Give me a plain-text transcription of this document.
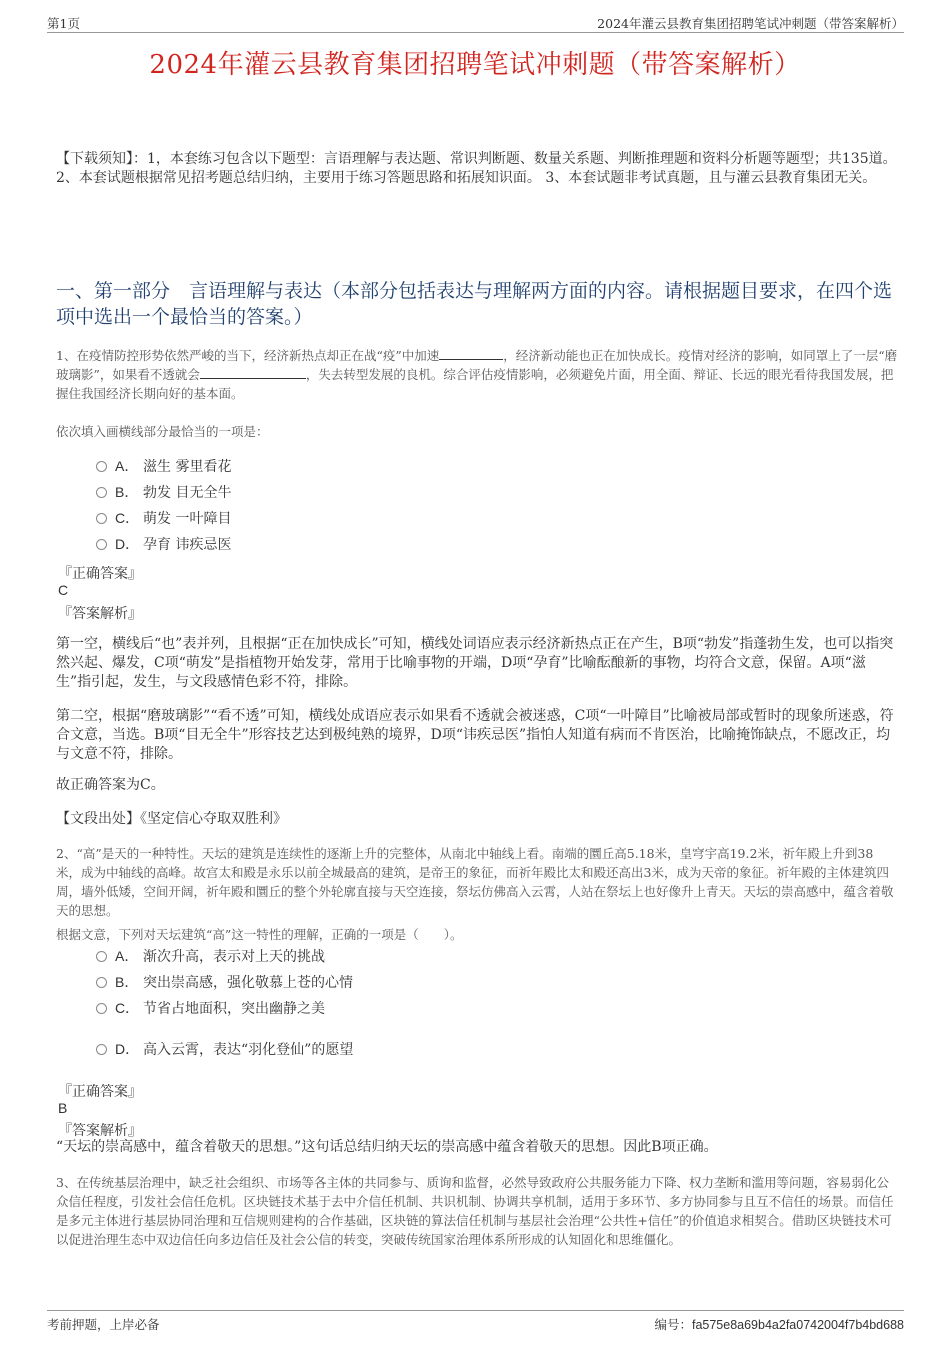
第1页	2024年灌云县教育集团招聘笔试冲刺题（带答案解析）
2024年灌云县教育集团招聘笔试冲刺题（带答案解析）
【下载须知】：1，本套练习包含以下题型：言语理解与表达题、常识判断题、数量关系题、判断推理题和资料分析题等题型；共135道。 2、本套试题根据常见招考题总结归纳，主要用于练习答题思路和拓展知识面。 3、本套试题非考试真题，且与灌云县教育集团无关。
一、第一部分　言语理解与表达（本部分包括表达与理解两方面的内容。请根据题目要求，在四个选项中选出一个最恰当的答案。）
1、在疫情防控形势依然严峻的当下，经济新热点却正在战“疫”中加速	，经济新动能也正在加快成长。疫情对经济的影响，如同罩上了一层“磨玻璃影”，如果看不透就会	，失去转型发展的良机。综合评估疫情影响，必须避免片面，用全面、辩证、长远的眼光看待我国发展，把握住我国经济长期向好的基本面。
依次填入画横线部分最恰当的一项是：
A． 滋生 雾里看花
B． 勃发 目无全牛
C． 萌发 一叶障目
D． 孕育 讳疾忌医
『正确答案』
C
『答案解析』
第一空，横线后“也”表并列，且根据“正在加快成长”可知，横线处词语应表示经济新热点正在产生，B项“勃发”指蓬勃生发，也可以指突然兴起、爆发，C项“萌发”是指植物开始发芽，常用于比喻事物的开端，D项“孕育”比喻酝酿新的事物，均符合文意，保留。A项“滋生”指引起，发生，与文段感情色彩不符，排除。
第二空，根据“磨玻璃影”“看不透”可知，横线处成语应表示如果看不透就会被迷惑，C项“一叶障目”比喻被局部或暂时的现象所迷惑，符合文意，当选。B项“目无全牛”形容技艺达到极纯熟的境界，D项“讳疾忌医”指怕人知道有病而不肯医治，比喻掩饰缺点，不愿改正，均与文意不符，排除。
故正确答案为C。
【文段出处】《坚定信心夺取双胜利》
2、“高”是天的一种特性。天坛的建筑是连续性的逐渐上升的完整体，从南北中轴线上看。南端的圜丘高5.18米，皇穹宇高19.2米，祈年殿上升到38米，成为中轴线的高峰。故宫太和殿是永乐以前全城最高的建筑，是帝王的象征，而祈年殿比太和殿还高出3米，成为天帝的象征。祈年殿的主体建筑四周，墙外低矮，空间开阔，祈年殿和圜丘的整个外轮廓直接与天空连接，祭坛仿佛高入云霄，人站在祭坛上也好像升上青天。天坛的崇高感中，蕴含着敬天的思想。
根据文意，下列对天坛建筑“高”这一特性的理解，正确的一项是（　　）。
A． 渐次升高，表示对上天的挑战
B． 突出崇高感，强化敬慕上苍的心情
C． 节省占地面积，突出幽静之美
D． 高入云霄，表达“羽化登仙”的愿望
『正确答案』
B
『答案解析』
“天坛的崇高感中，蕴含着敬天的思想。”这句话总结归纳天坛的崇高感中蕴含着敬天的思想。因此B项正确。
3、在传统基层治理中，缺乏社会组织、市场等各主体的共同参与、质询和监督，必然导致政府公共服务能力下降、权力垄断和滥用等问题，容易弱化公众信任程度，引发社会信任危机。区块链技术基于去中介信任机制、共识机制、协调共享机制，适用于多环节、多方协同参与且互不信任的场景。而信任是多元主体进行基层协同治理和互信规则建构的合作基础，区块链的算法信任机制与基层社会治理“公共性+信任”的价值追求相契合。借助区块链技术可以促进治理生态中双边信任向多边信任及社会公信的转变，突破传统国家治理体系所形成的认知固化和思维僵化。
考前押题，上岸必备	编号：fa575e8a69b4a2fa0742004f7b4bd688
